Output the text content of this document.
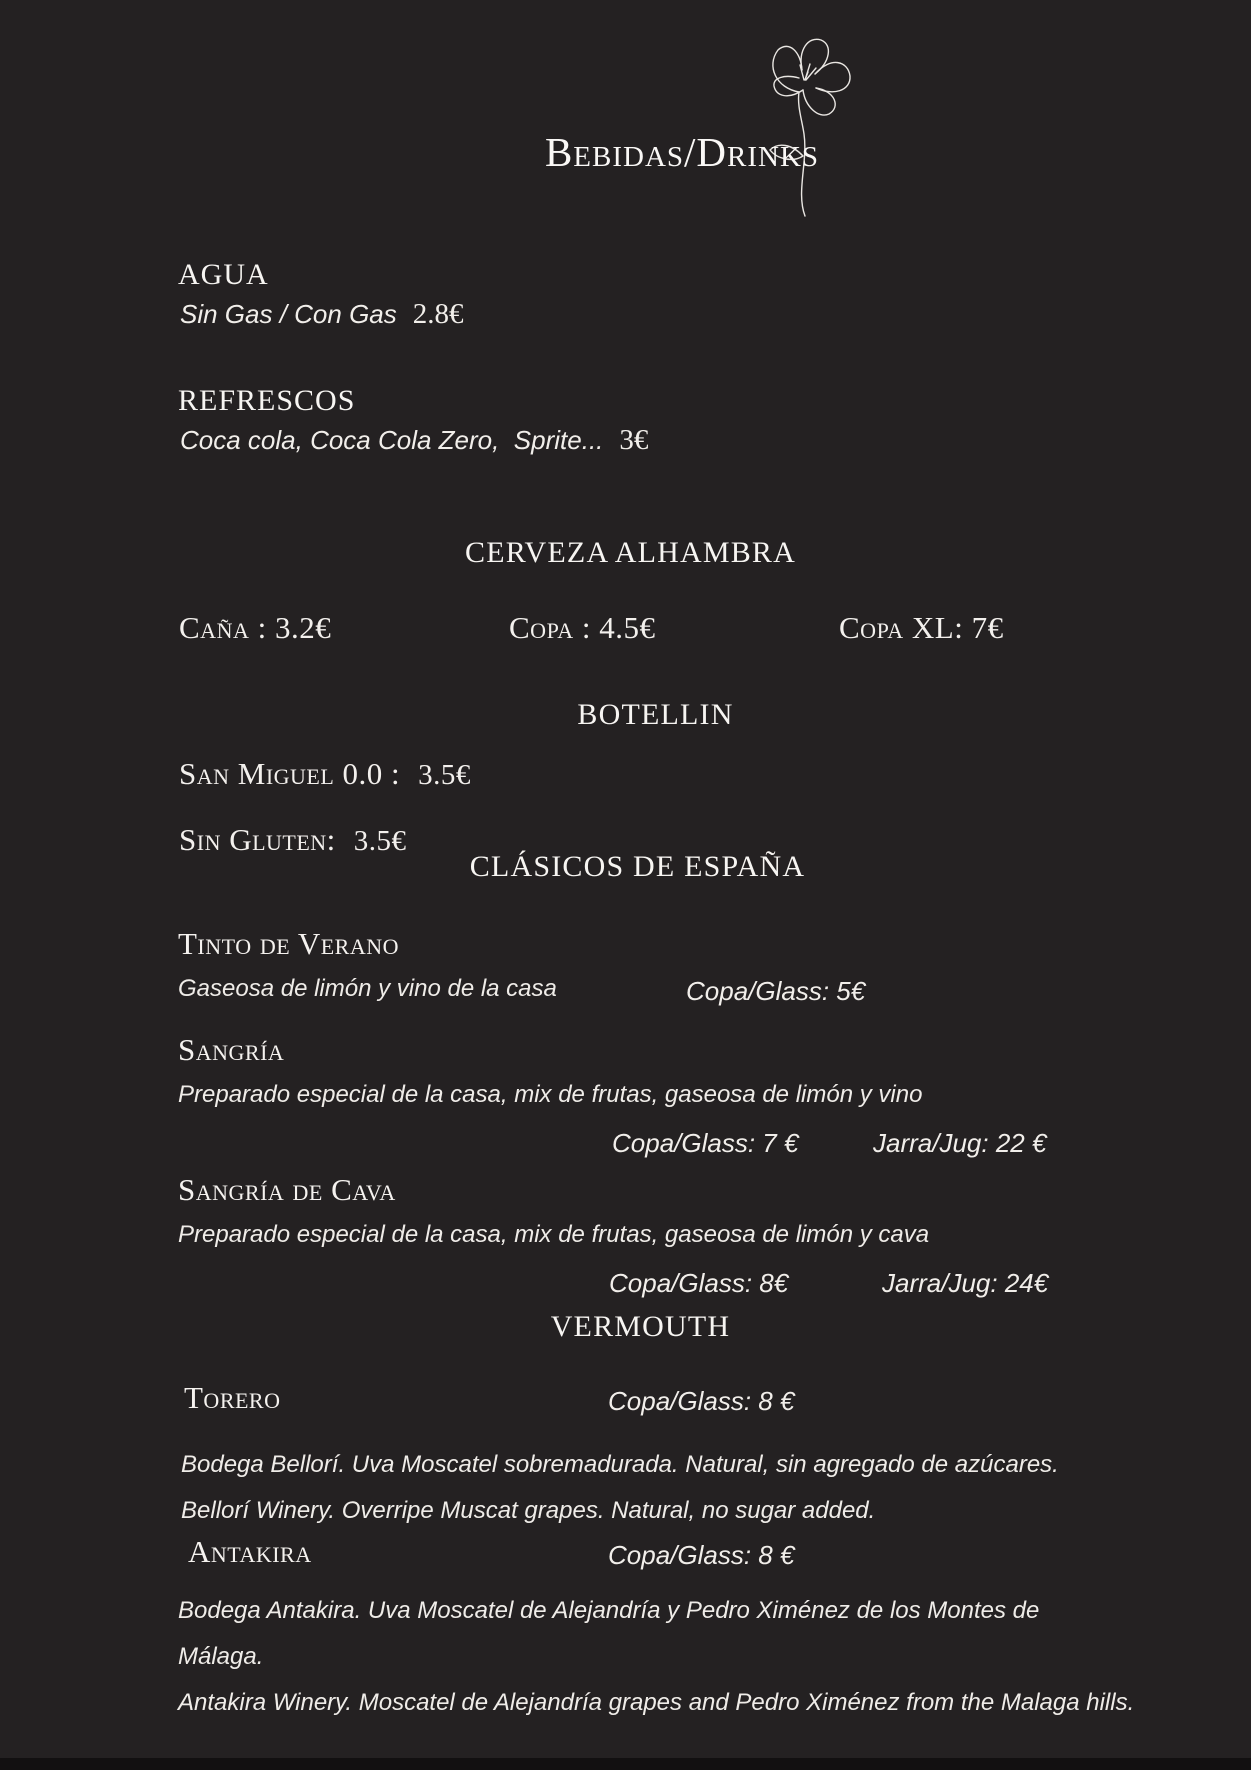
Bebidas/Drinks
AGUA
Sin Gas / Con Gas 2.8€
REFRESCOS
Coca cola, Coca Cola Zero,  Sprite... 3€
CERVEZA ALHAMBRA
Caña : 3.2€	Copa : 4.5€	Copa XL: 7€
BOTELLIN
San Miguel 0.0 : 3.5€
Sin Gluten: 3.5€
CLÁSICOS DE ESPAÑA
Tinto de Verano
Gaseosa de limón y vino de la casa	Copa/Glass: 5€
Sangría
Preparado especial de la casa, mix de frutas, gaseosa de limón y vino
Copa/Glass: 7 €	Jarra/Jug: 22 €
Sangría de Cava
Preparado especial de la casa, mix de frutas, gaseosa de limón y cava
Copa/Glass: 8€	Jarra/Jug: 24€
VERMOUTH
Torero	Copa/Glass: 8 €
Bodega Bellorí. Uva Moscatel sobremadurada. Natural, sin agregado de azúcares.
Bellorí Winery. Overripe Muscat grapes. Natural, no sugar added.
Antakira	Copa/Glass: 8 €
Bodega Antakira. Uva Moscatel de Alejandría y Pedro Ximénez de los Montes de Málaga.
Antakira Winery. Moscatel de Alejandría grapes and Pedro Ximénez from the Malaga hills.
